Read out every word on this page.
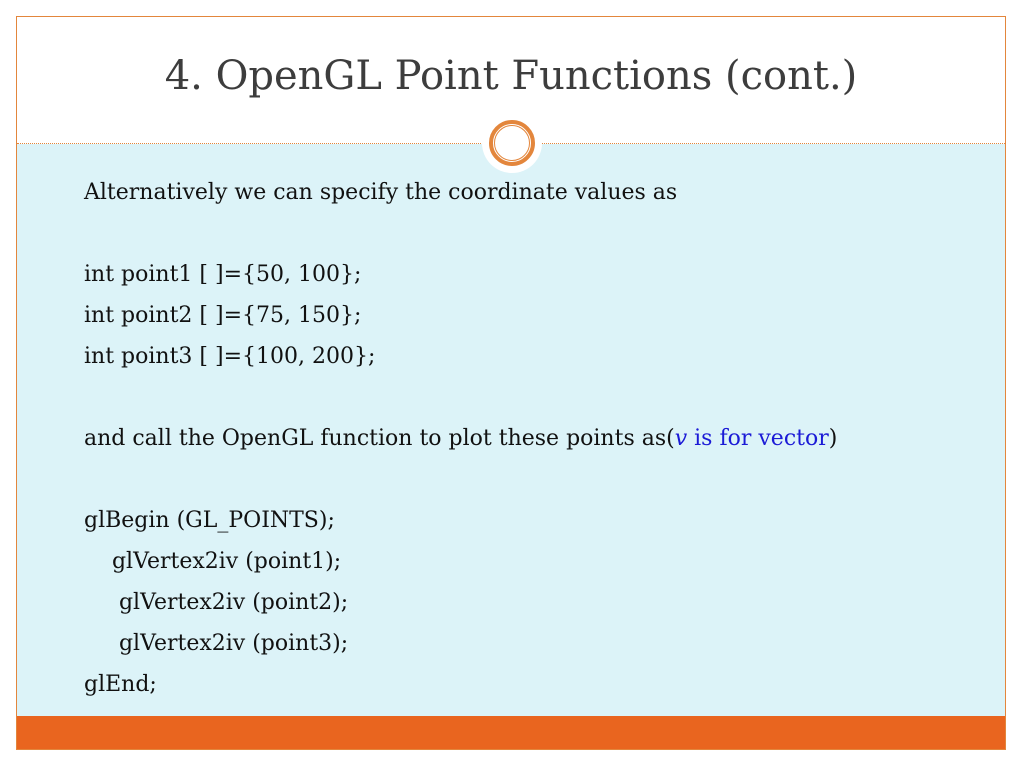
4. OpenGL Point Functions (cont.)
Alternatively we can specify the coordinate values as
int point1 [ ]={50, 100};
int point2 [ ]={75, 150};
int point3 [ ]={100, 200};
and call the OpenGL function to plot these points as(v is for vector)
glBegin (GL_POINTS);
glVertex2iv (point1);
glVertex2iv (point2);
glVertex2iv (point3);
glEnd;
